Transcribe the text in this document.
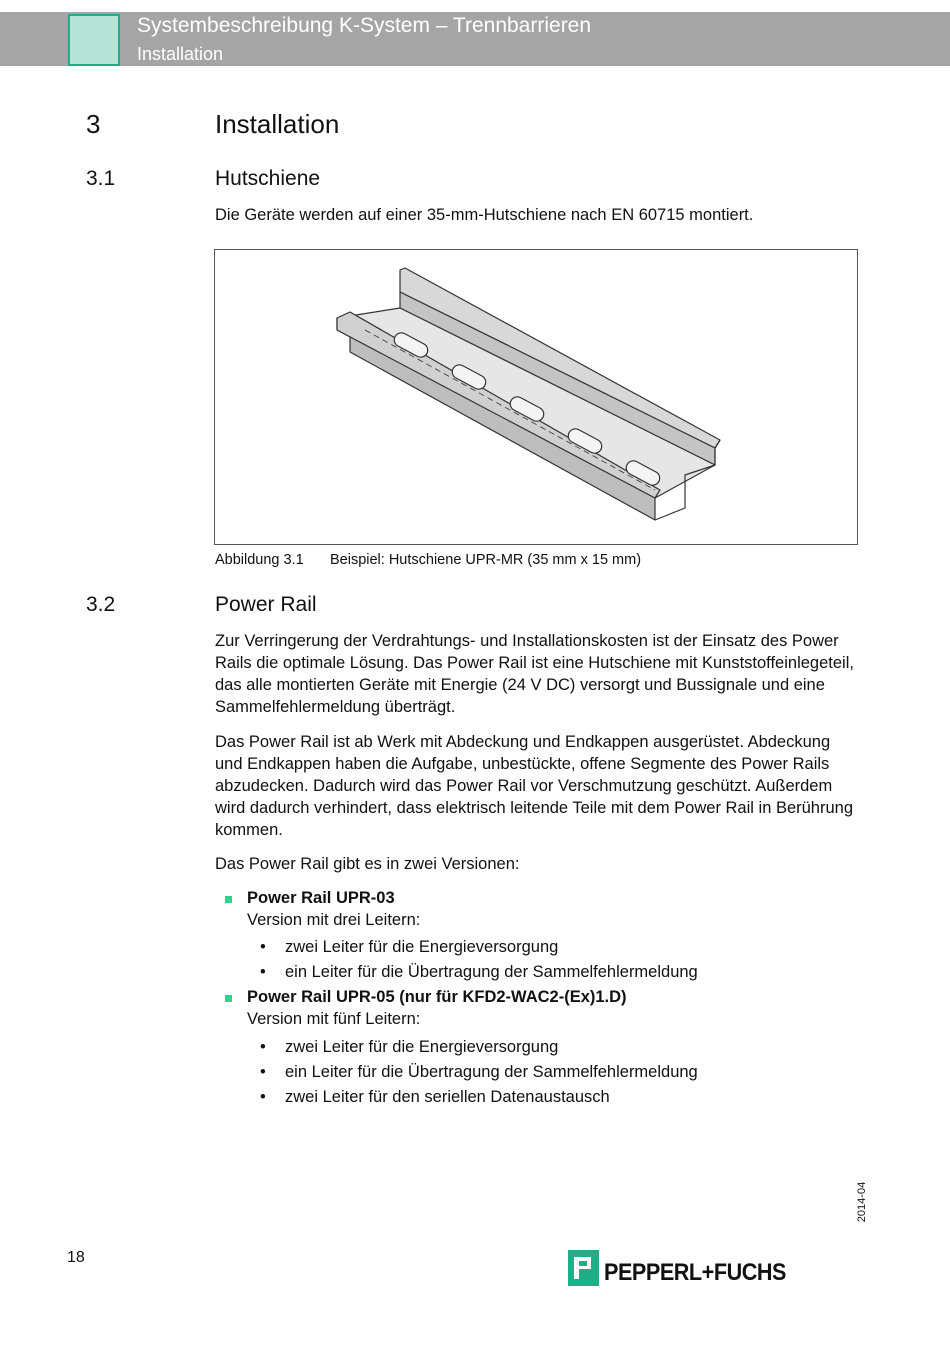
Systembeschreibung K-System – Trennbarrieren
Installation
3	Installation
3.1	Hutschiene
Die Geräte werden auf einer 35-mm-Hutschiene nach EN 60715 montiert.
Abbildung 3.1 Beispiel: Hutschiene UPR-MR (35 mm x 15 mm)
3.2	Power Rail
Zur Verringerung der Verdrahtungs- und Installationskosten ist der Einsatz des Power Rails die optimale Lösung. Das Power Rail ist eine Hutschiene mit Kunststoffeinlegeteil, das alle montierten Geräte mit Energie (24 V DC) versorgt und Bussignale und eine Sammelfehlermeldung überträgt.
Das Power Rail ist ab Werk mit Abdeckung und Endkappen ausgerüstet. Abdeckung und Endkappen haben die Aufgabe, unbestückte, offene Segmente des Power Rails abzudecken. Dadurch wird das Power Rail vor Verschmutzung geschützt. Außerdem wird dadurch verhindert, dass elektrisch leitende Teile mit dem Power Rail in Berührung kommen.
Das Power Rail gibt es in zwei Versionen:
Power Rail UPR-03
Version mit drei Leitern:
• zwei Leiter für die Energieversorgung
• ein Leiter für die Übertragung der Sammelfehlermeldung
Power Rail UPR-05 (nur für KFD2-WAC2-(Ex)1.D)
Version mit fünf Leitern:
• zwei Leiter für die Energieversorgung
• ein Leiter für die Übertragung der Sammelfehlermeldung
• zwei Leiter für den seriellen Datenaustausch
2014-04
18
PEPPERL+FUCHS
